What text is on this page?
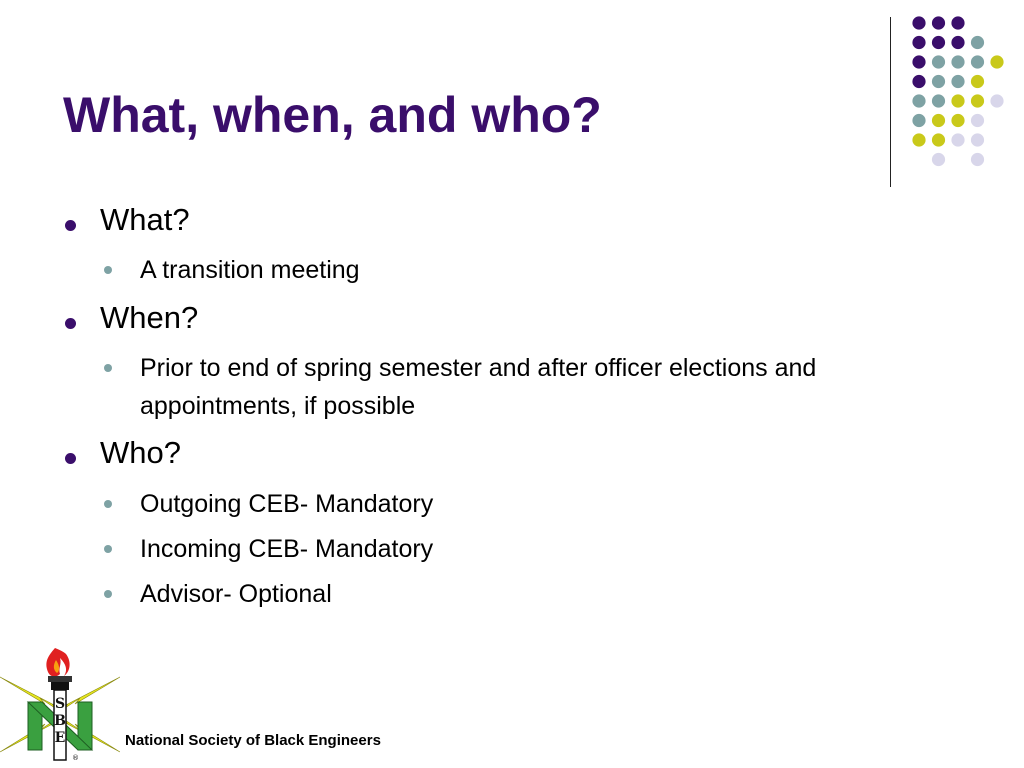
What, when, and who?
What?
A transition meeting
When?
Prior to end of spring semester and after officer elections and appointments, if possible
Who?
Outgoing CEB- Mandatory
Incoming CEB- Mandatory
Advisor- Optional
S
B
E
®
National Society of Black Engineers
